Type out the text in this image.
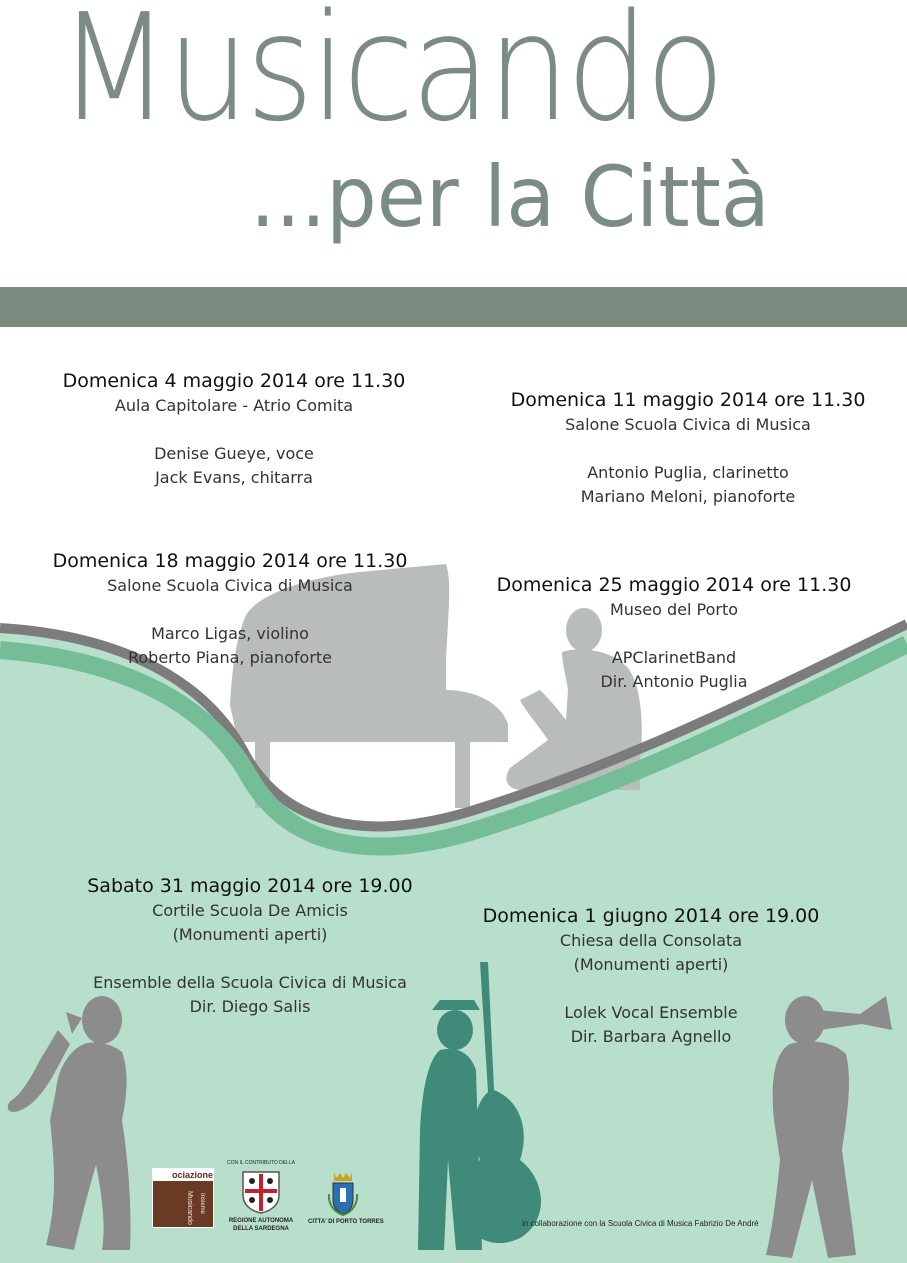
Musicando
...per la Città
Domenica 4 maggio 2014 ore 11.30
Aula Capitolare - Atrio Comita
Denise Gueye, voce
Jack Evans, chitarra
Domenica 11 maggio 2014 ore 11.30
Salone Scuola Civica di Musica
Antonio Puglia, clarinetto
Mariano Meloni, pianoforte
Domenica 18 maggio 2014 ore 11.30
Salone Scuola Civica di Musica
Marco Ligas, violino
Roberto Piana, pianoforte
Domenica 25 maggio 2014 ore 11.30
Museo del Porto
APClarinetBand
Dir. Antonio Puglia
Sabato 31 maggio 2014 ore 19.00
Cortile Scuola De Amicis
(Monumenti aperti)
Ensemble della Scuola Civica di Musica
Dir. Diego Salis
Domenica 1 giugno 2014 ore 19.00
Chiesa della Consolata
(Monumenti aperti)
Lolek Vocal Ensemble
Dir. Barbara Agnello
ociazione
Musicando Insieme
CON IL CONTRIBUTO DELLA
REGIONE AUTONOMA
DELLA SARDEGNA
CITTA' DI PORTO TORRES	in collaborazione con la Scuola Civica di Musica Fabrizio De André
